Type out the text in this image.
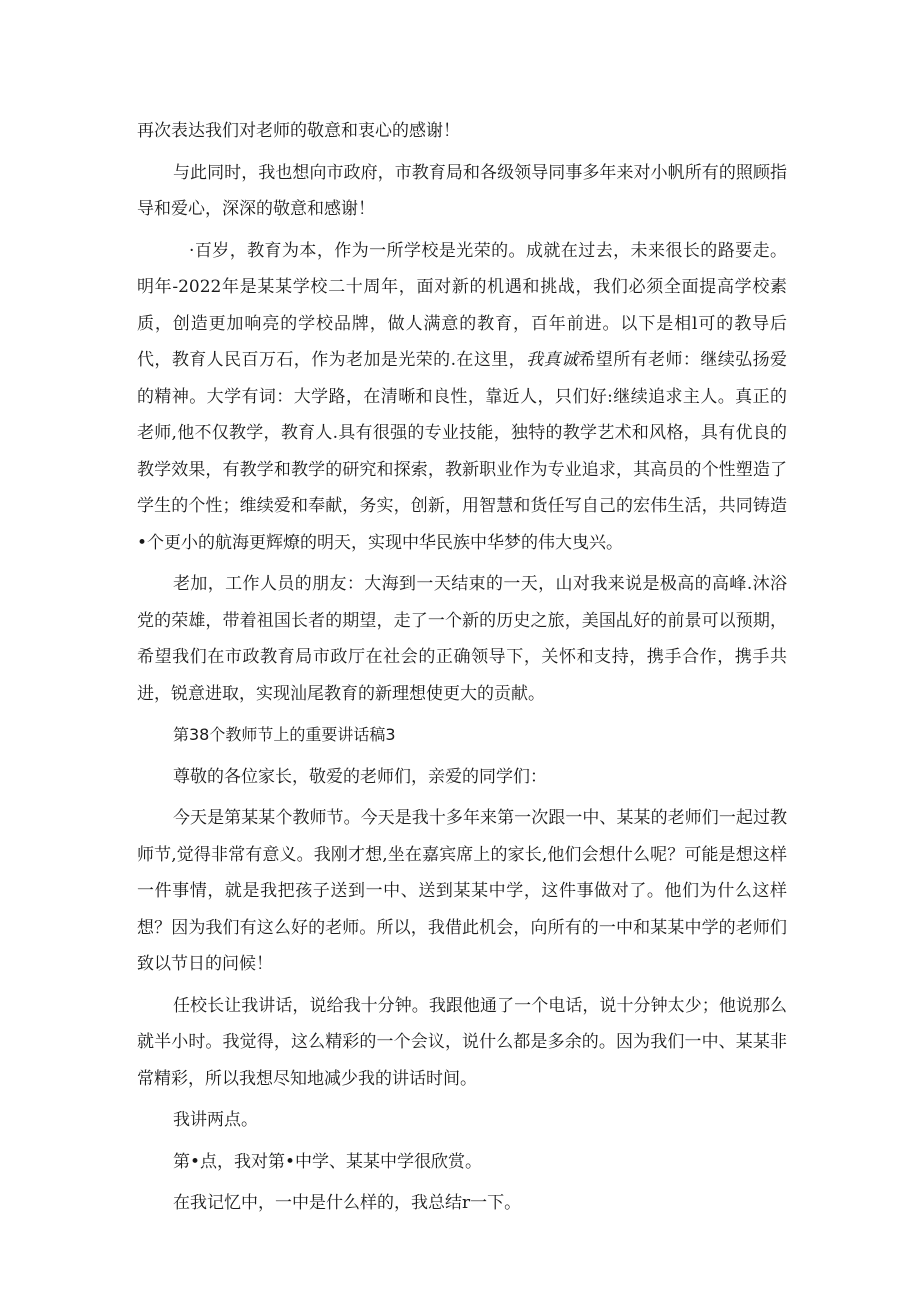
再次表达我们对老师的敬意和衷心的感谢！

与此同时，我也想向市政府，市教育局和各级领导同事多年来对小帆所有的照顾指导和爱心，深深的敬意和感谢！

·百岁，教育为本，作为一所学校是光荣的。成就在过去，未来很长的路要走。明年-2022年是某某学校二十周年，面对新的机遇和挑战，我们必须全面提高学校素质，创造更加响亮的学校品牌，做人满意的教育，百年前进。以下是相l可的教导后代，教育人民百万石，作为老加是光荣的.在这里，我真诚希望所有老师：继续弘扬爱的精神。大学有词：大学路，在清晰和良性，靠近人，只们好:继续追求主人。真正的老师,他不仅教学，教育人.具有很强的专业技能，独特的教学艺术和风格，具有优良的教学效果，有教学和教学的研究和探索，教新职业作为专业追求，其高员的个性塑造了学生的个性；维续爱和奉献，务实，创新，用智慧和货任写自己的宏伟生活，共同铸造•个更小的航海更辉燎的明天，实现中华民族中华梦的伟大曳兴。

老加，工作人员的朋友：大海到一天结束的一天，山对我来说是极高的高峰.沐浴党的荣雄，带着祖国长者的期望，走了一个新的历史之旅，美国乩好的前景可以预期，希望我们在市政教育局市政厅在社会的正确领导下，关怀和支持，携手合作，携手共进，锐意进取，实现汕尾教育的新理想使更大的贡献。

第38个教师节上的重要讲话稿3

尊敬的各位家长，敬爱的老师们，亲爱的同学们：

今天是第某某个教师节。今天是我十多年来第一次跟一中、某某的老师们一起过教师节,觉得非常有意义。我刚才想,坐在嘉宾席上的家长,他们会想什么呢？可能是想这样一件事情，就是我把孩子送到一中、送到某某中学，这件事做对了。他们为什么这样想？因为我们有这么好的老师。所以，我借此机会，向所有的一中和某某中学的老师们致以节日的问候！

任校长让我讲话，说给我十分钟。我跟他通了一个电话，说十分钟太少；他说那么就半小时。我觉得，这么精彩的一个会议，说什么都是多余的。因为我们一中、某某非常精彩，所以我想尽知地减少我的讲话时间。

我讲两点。

第•点，我对第•中学、某某中学很欣赏。

在我记忆中，一中是什么样的，我总结r一下。
